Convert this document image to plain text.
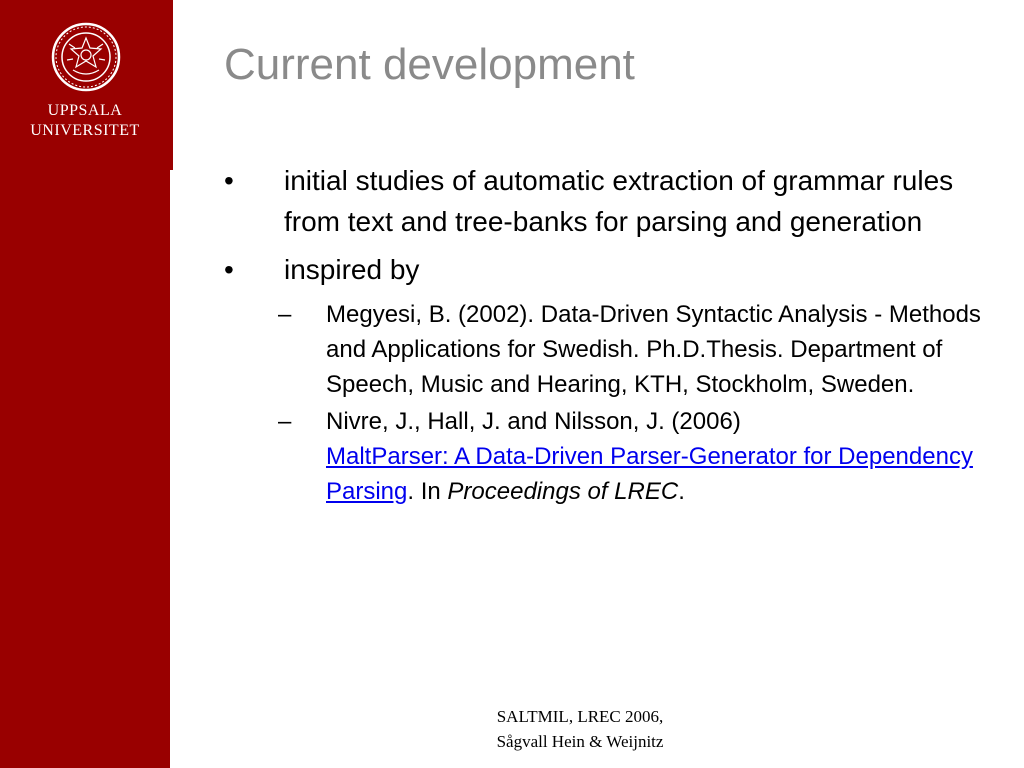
UPPSALA
UNIVERSITET
Current development
• initial studies of automatic extraction of grammar rules from text and tree-banks for parsing and generation
• inspired by
– Megyesi, B. (2002). Data-Driven Syntactic Analysis - Methods and Applications for Swedish. Ph.D.Thesis. Department of Speech, Music and Hearing, KTH, Stockholm, Sweden.
– Nivre, J., Hall, J. and Nilsson, J. (2006)
MaltParser: A Data-Driven Parser-Generator for Dependency Parsing. In Proceedings of LREC.
SALTMIL, LREC 2006,
Sågvall Hein & Weijnitz
